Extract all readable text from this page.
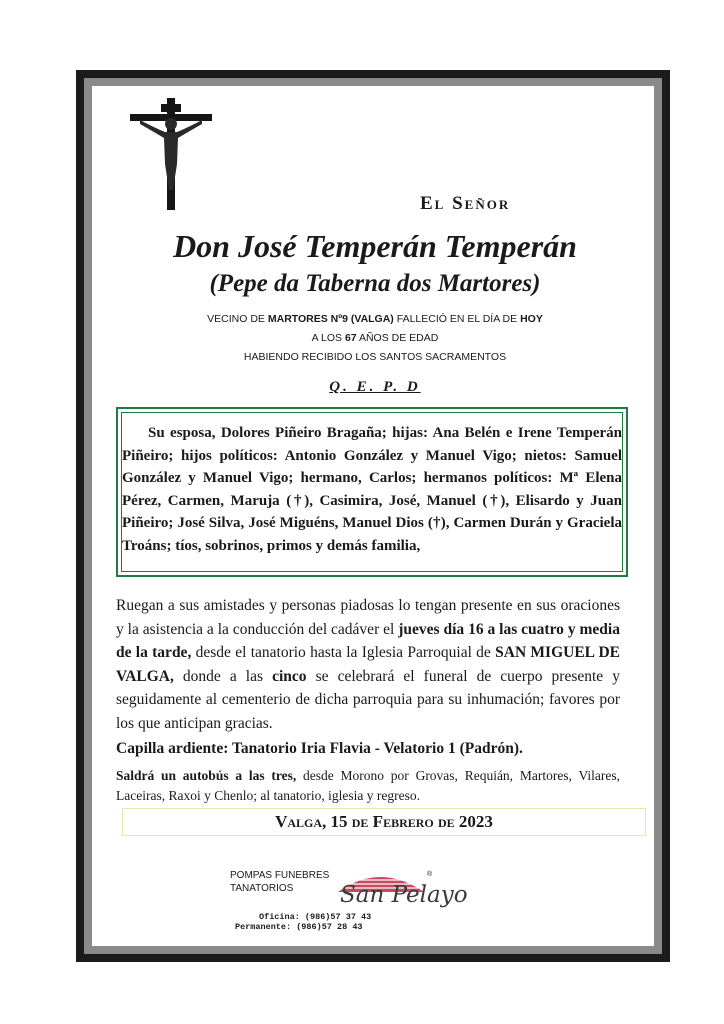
El Señor
Don José Temperán Temperán
(Pepe da Taberna dos Martores)
VECINO DE MARTORES Nº9 (VALGA) FALLECIÓ EN EL DÍA DE HOY
A LOS 67 AÑOS DE EDAD
HABIENDO RECIBIDO LOS SANTOS SACRAMENTOS
Q. E. P. D
Su esposa, Dolores Piñeiro Bragaña; hijas: Ana Belén e Irene Temperán Piñeiro; hijos políticos: Antonio González y Manuel Vigo; nietos: Samuel González y Manuel Vigo; hermano, Carlos; hermanos políticos: Mª Elena Pérez, Carmen, Maruja (†), Casimira, José, Manuel (†), Elisardo y Juan Piñeiro; José Silva, José Miguéns, Manuel Dios (†), Carmen Durán y Graciela Troáns; tíos, sobrinos, primos y demás familia,
Ruegan a sus amistades y personas piadosas lo tengan presente en sus oraciones y la asistencia a la conducción del cadáver el jueves día 16 a las cuatro y media de la tarde, desde el tanatorio hasta la Iglesia Parroquial de SAN MIGUEL DE VALGA, donde a las cinco se celebrará el funeral de cuerpo presente y seguidamente al cementerio de dicha parroquia para su inhumación; favores por los que anticipan gracias.
Capilla ardiente: Tanatorio Iria Flavia - Velatorio 1 (Padrón).
Saldrá un autobús a las tres, desde Morono por Grovas, Requián, Martores, Vilares, Laceiras, Raxoi y Chenlo; al tanatorio, iglesia y regreso.
Valga, 15 de Febrero de 2023
POMPAS FUNEBRES
TANATORIOS San Pelayo
®
Oficina: (986)57 37 43
Permanente: (986)57 28 43
